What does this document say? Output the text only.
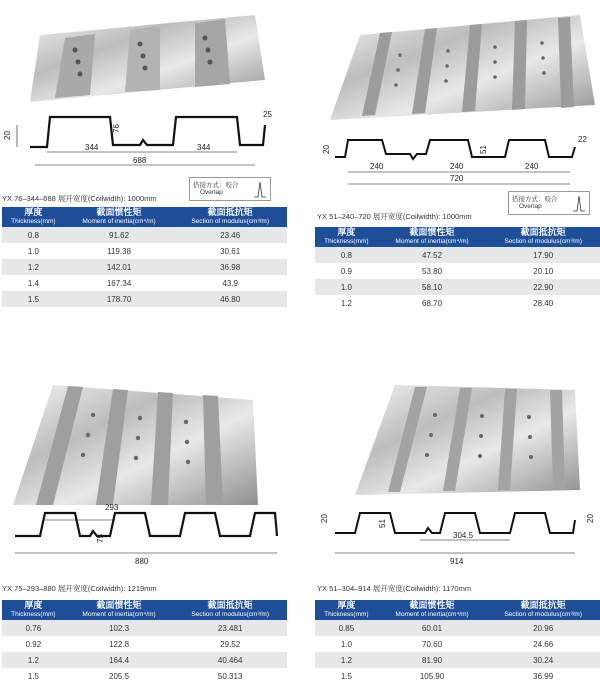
20
76
25
344	344
688
YX 76–344–688 展开宽度(Coilwidth): 1000mm
搭接方式：咬合
Overlap
厚度
Thickness(mm)	截面惯性矩
Moment of inertia(cm⁴/m)	截面抵抗矩
Section of modulus(cm³/m)

0.8	91.62	23.46
1.0	119.38	30.61
1.2	142.01	36.98
1.4	167.34	43.9
1.5	178.70	46.80
20	51
22
240	240	240
720
搭接方式：咬合
Overlap
YX 51–240–720 展开宽度(Coilwidth): 1000mm
厚度
Thickness(mm)	截面惯性矩
Moment of inertia(cm⁴/m)	截面抵抗矩
Section of modulus(cm³/m)

0.8	47.52	17.90
0.9	53.80	20.10
1.0	58.10	22.90
1.2	68.70	28.40
293
75
880
YX 75–293–880 展开宽度(Coilwidth): 1219mm
厚度
Thickness(mm)	截面惯性矩
Moment of inertia(cm⁴/m)	截面抵抗矩
Section of modulus(cm³/m)

0.76	102.3	23.481
0.92	122.8	29.52
1.2	164.4	40.464
1.5	205.5	50.313
20
51
20
304.5
914
YX 51–304–914 展开宽度(Coilwidth): 1170mm
厚度
Thickness(mm)	截面惯性矩
Moment of inertia(cm⁴/m)	截面抵抗矩
Section of modulus(cm³/m)

0.85	60.01	20.96
1.0	70.60	24.66
1.2	81.90	30.24
1.5	105.90	36.99
